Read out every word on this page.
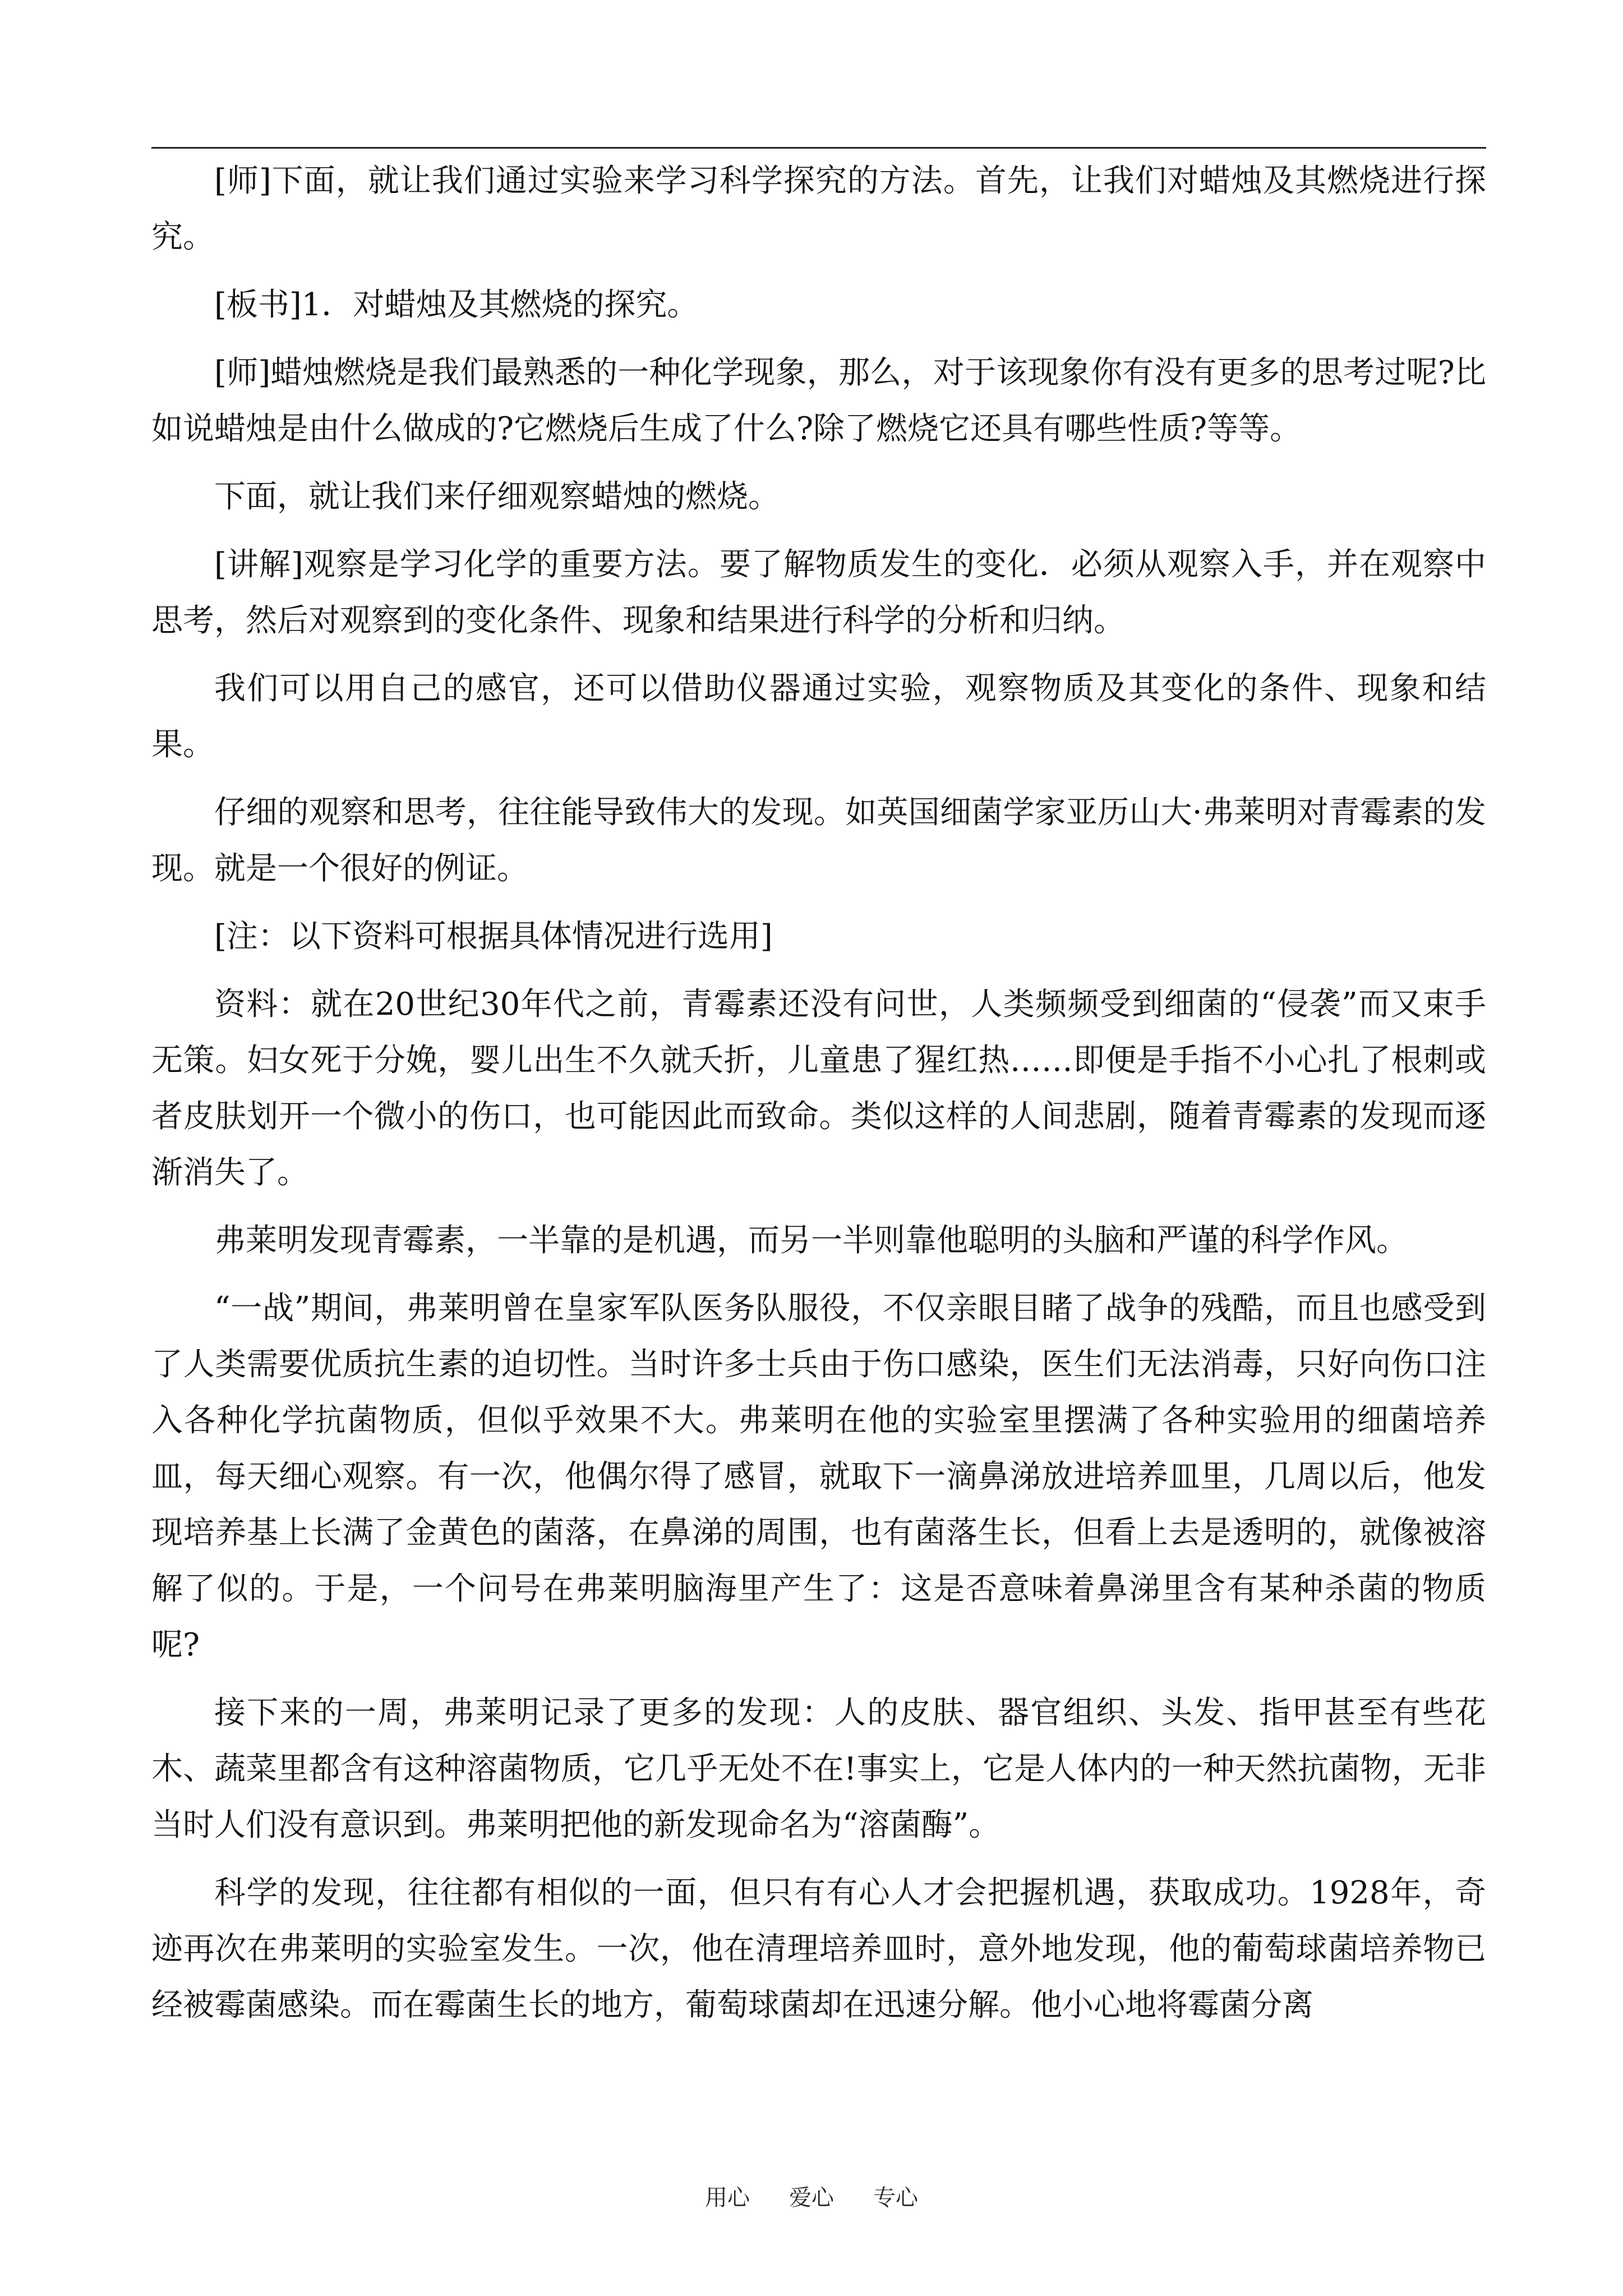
[师]下面，就让我们通过实验来学习科学探究的方法。首先，让我们对蜡烛及其燃烧进行探究。

[板书]1．对蜡烛及其燃烧的探究。

[师]蜡烛燃烧是我们最熟悉的一种化学现象，那么，对于该现象你有没有更多的思考过呢?比如说蜡烛是由什么做成的?它燃烧后生成了什么?除了燃烧它还具有哪些性质?等等。

下面，就让我们来仔细观察蜡烛的燃烧。

[讲解]观察是学习化学的重要方法。要了解物质发生的变化．必须从观察入手，并在观察中思考，然后对观察到的变化条件、现象和结果进行科学的分析和归纳。

我们可以用自己的感官，还可以借助仪器通过实验，观察物质及其变化的条件、现象和结果。

仔细的观察和思考，往往能导致伟大的发现。如英国细菌学家亚历山大·弗莱明对青霉素的发现。就是一个很好的例证。

[注：以下资料可根据具体情况进行选用]

资料：就在20世纪30年代之前，青霉素还没有问世，人类频频受到细菌的“侵袭”而又束手无策。妇女死于分娩，婴儿出生不久就夭折，儿童患了猩红热……即便是手指不小心扎了根刺或者皮肤划开一个微小的伤口，也可能因此而致命。类似这样的人间悲剧，随着青霉素的发现而逐渐消失了。

弗莱明发现青霉素，一半靠的是机遇，而另一半则靠他聪明的头脑和严谨的科学作风。

“一战”期间，弗莱明曾在皇家军队医务队服役，不仅亲眼目睹了战争的残酷，而且也感受到了人类需要优质抗生素的迫切性。当时许多士兵由于伤口感染，医生们无法消毒，只好向伤口注入各种化学抗菌物质，但似乎效果不大。弗莱明在他的实验室里摆满了各种实验用的细菌培养皿，每天细心观察。有一次，他偶尔得了感冒，就取下一滴鼻涕放进培养皿里，几周以后，他发现培养基上长满了金黄色的菌落，在鼻涕的周围，也有菌落生长，但看上去是透明的，就像被溶解了似的。于是，一个问号在弗莱明脑海里产生了：这是否意味着鼻涕里含有某种杀菌的物质呢?

接下来的一周，弗莱明记录了更多的发现：人的皮肤、器官组织、头发、指甲甚至有些花木、蔬菜里都含有这种溶菌物质，它几乎无处不在!事实上，它是人体内的一种天然抗菌物，无非当时人们没有意识到。弗莱明把他的新发现命名为“溶菌酶”。

科学的发现，往往都有相似的一面，但只有有心人才会把握机遇，获取成功。1928年，奇迹再次在弗莱明的实验室发生。一次，他在清理培养皿时，意外地发现，他的葡萄球菌培养物已经被霉菌感染。而在霉菌生长的地方，葡萄球菌却在迅速分解。他小心地将霉菌分离

用心 爱心 专心
